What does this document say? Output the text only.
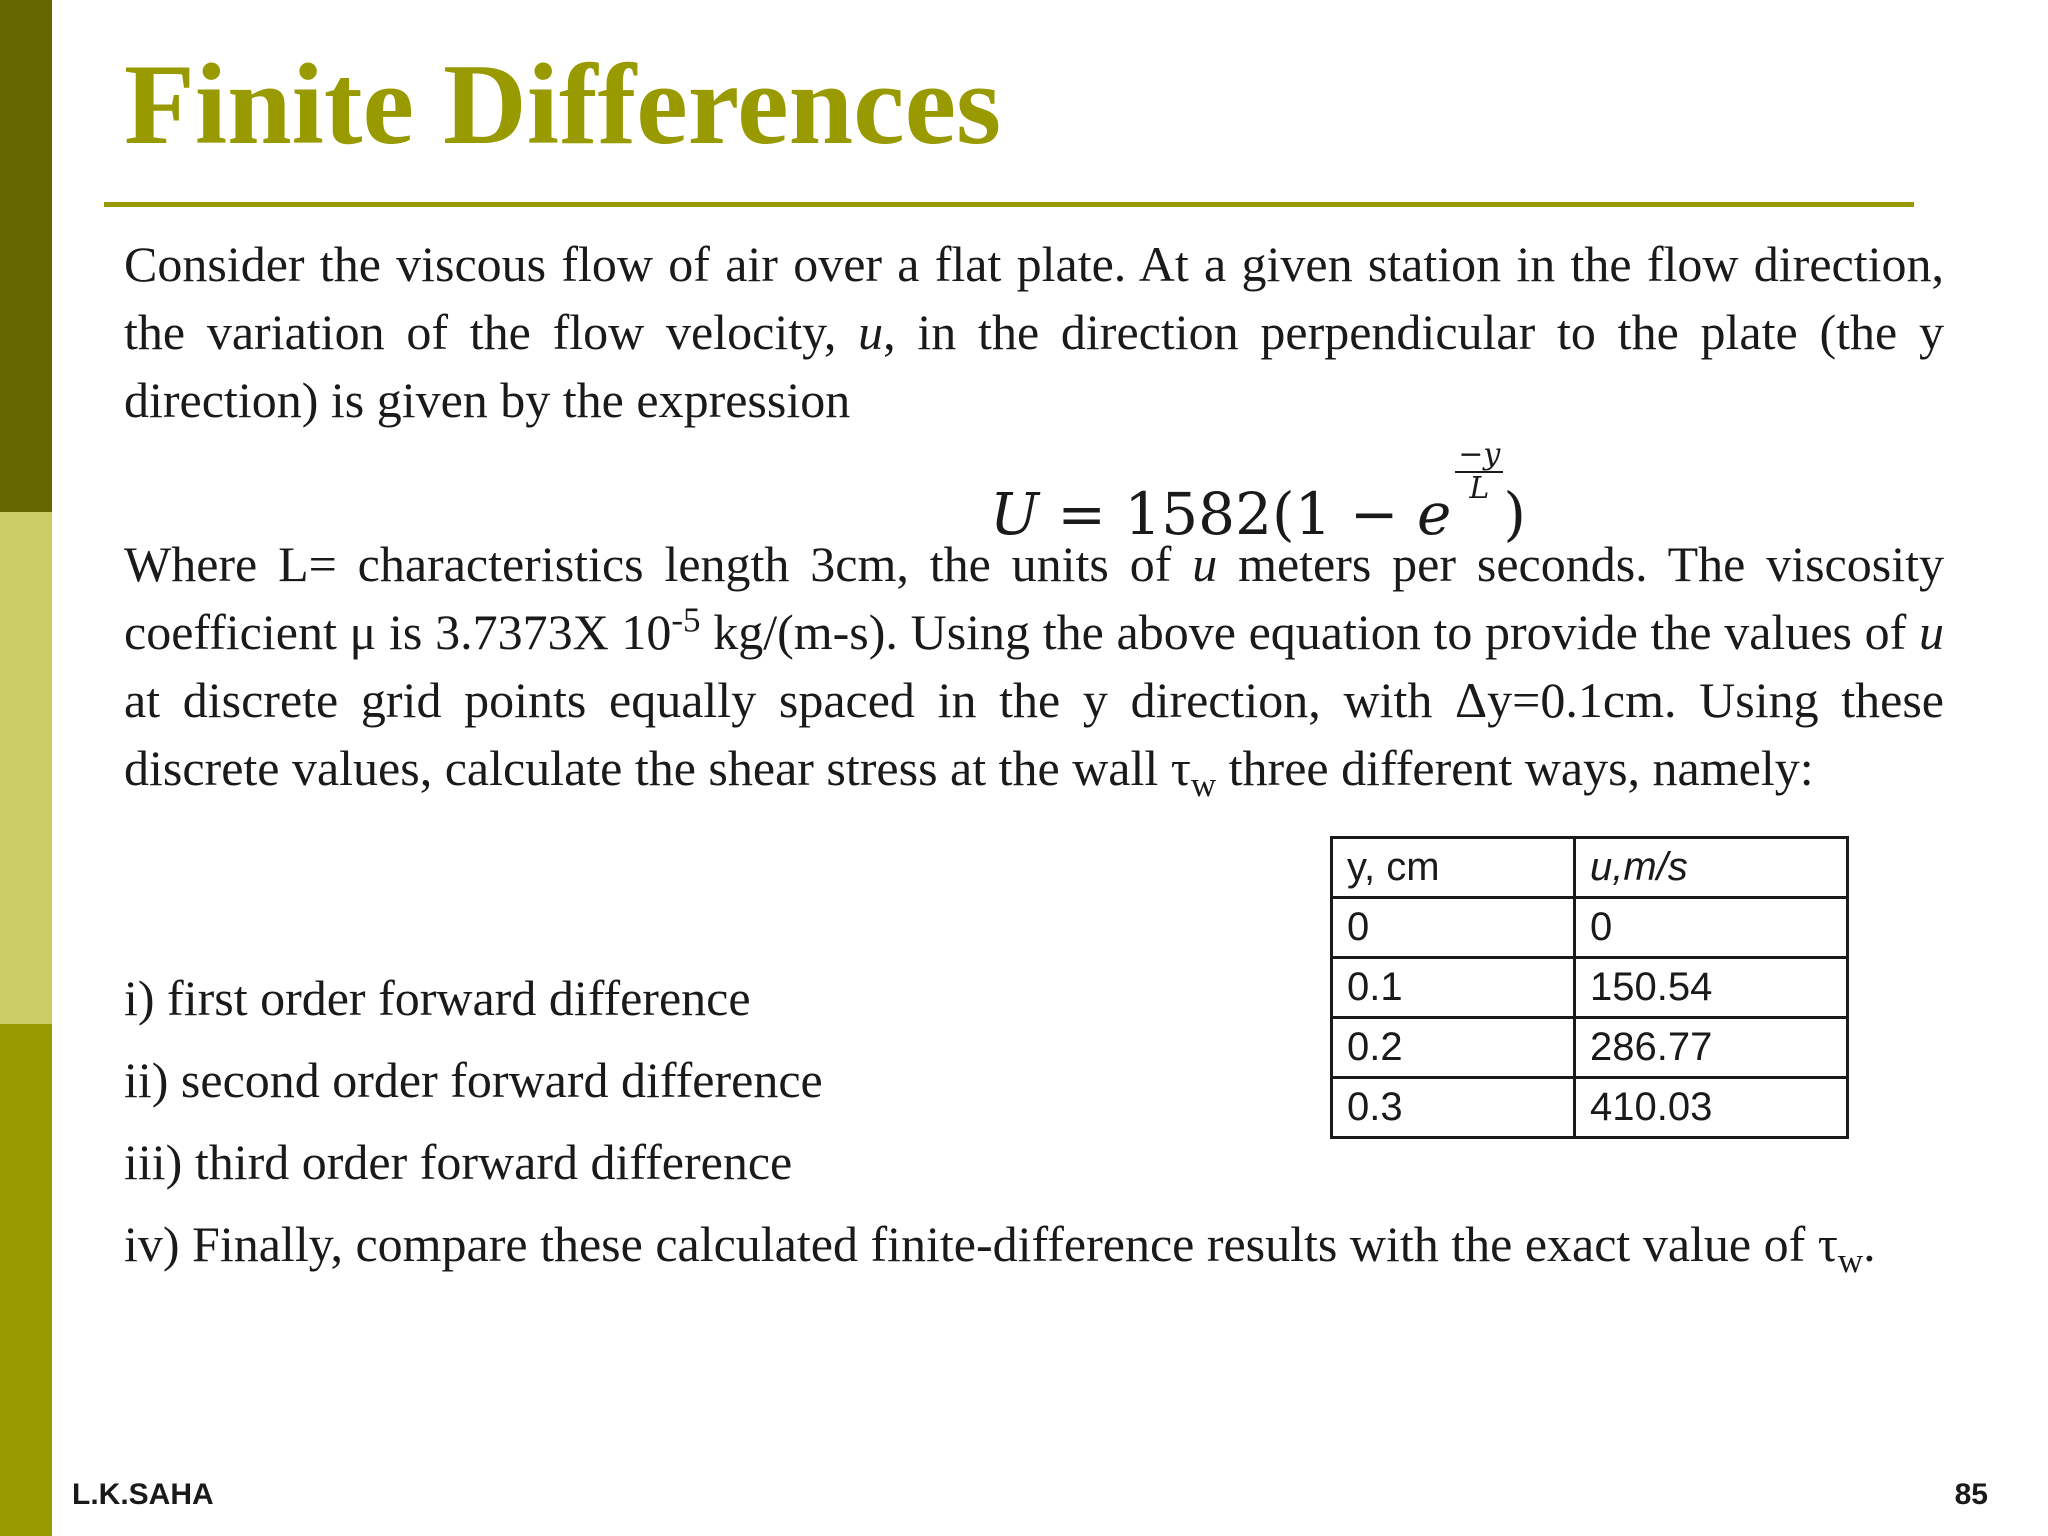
Finite Differences

Consider the viscous flow of air over a flat plate. At a given station in the flow direction, the variation of the flow velocity, u, in the direction perpendicular to the plate (the y direction) is given by the expression

U = 1582(1 − e
$\frac{-y}{L}$
)

Where L= characteristics length 3cm, the units of u meters per seconds. The viscosity coefficient μ is 3.7373X $10^{-5}$ kg/(m-s). Using the above equation to provide the values of u at discrete grid points equally spaced in the y direction, with Δy=0.1cm. Using these discrete values, calculate the shear stress at the wall $\tau_w$ three different ways, namely:

y, cm	u,m/s
0	0
0.1	150.54
0.2	286.77
0.3	410.03
i) first order forward difference
ii) second order forward difference
iii) third order forward difference
iv) Finally, compare these calculated finite-difference results with the exact value of $\tau_w$.
L.K.SAHA	85
